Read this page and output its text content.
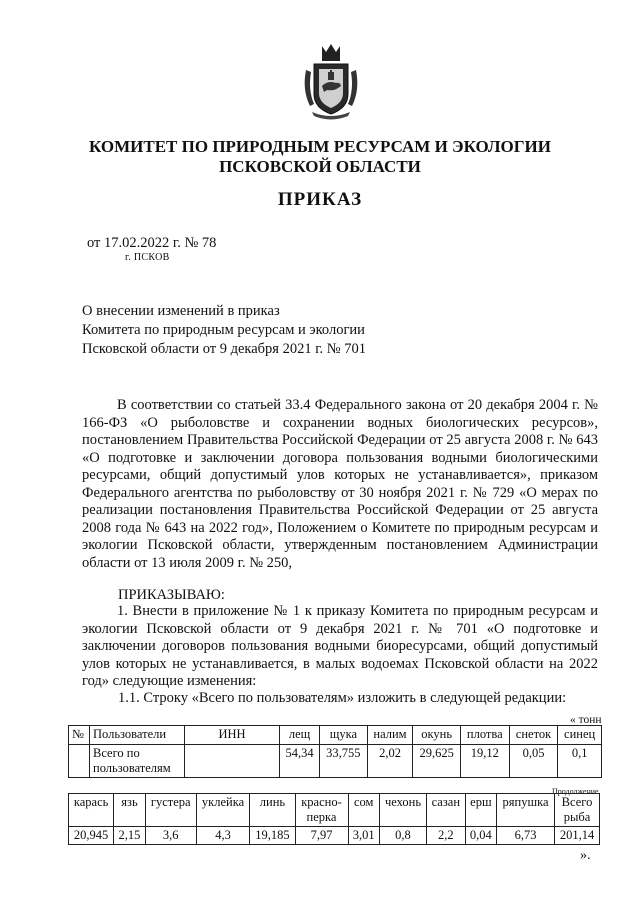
КОМИТЕТ ПО ПРИРОДНЫМ РЕСУРСАМ И ЭКОЛОГИИ
ПСКОВСКОЙ ОБЛАСТИ
ПРИКАЗ
от 17.02.2022 г. № 78
г. ПСКОВ
О внесении изменений в приказ
Комитета по природным ресурсам и экологии
Псковской области от 9 декабря 2021 г. № 701
В соответствии со статьей 33.4 Федерального закона от 20 декабря 2004 г. № 166-ФЗ «О рыболовстве и сохранении водных биологических ресурсов», постановлением Правительства Российской Федерации от 25 августа 2008 г. № 643 «О подготовке и заключении договора пользования водными биологическими ресурсами, общий допустимый улов которых не устанавливается», приказом Федерального агентства по рыболовству от 30 ноября 2021 г. № 729 «О мерах по реализации постановления Правительства Российской Федерации от 25 августа 2008 года № 643 на 2022 год», Положением о Комитете по природным ресурсам и экологии Псковской области, утвержденным постановлением Администрации области от 13 июля 2009 г. № 250,
ПРИКАЗЫВАЮ:
1. Внести в приложение № 1 к приказу Комитета по природным ресурсам и экологии Псковской области от 9 декабря 2021 г. № 701 «О подготовке и заключении договоров пользования водными биоресурсами, общий допустимый улов которых не устанавливается, в малых водоемах Псковской области на 2022 год» следующие изменения:
1.1. Строку «Всего по пользователям» изложить в следующей редакции:
« тонн
№	Пользователи	ИНН	лещ	щука	налим	окунь	плотва	снеток	синец
	Всего по пользователям		54,34	33,755	2,02	29,625	19,12	0,05	0,1
Продолжение
карась	язь	густера	уклейка	линь	красно-перка	сом	чехонь	сазан	ерш	ряпушка	Всего рыба
20,945	2,15	3,6	4,3	19,185	7,97	3,01	0,8	2,2	0,04	6,73	201,14
».
